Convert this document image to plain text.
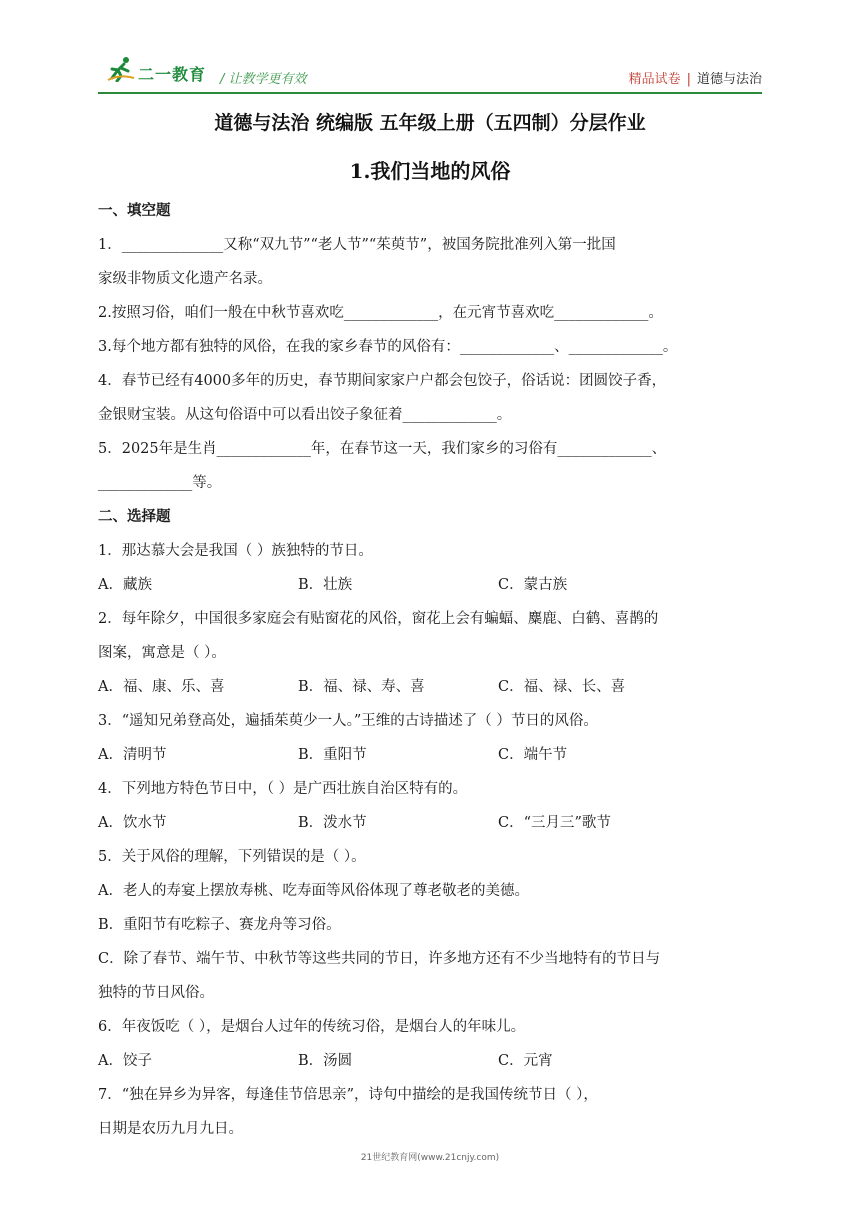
二一教育 / 让教学更有效	精品试卷 | 道德与法治
道德与法治 统编版 五年级上册（五四制）分层作业
1.我们当地的风俗
一、填空题

1．______________又称“双九节”“老人节”“茱萸节”，被国务院批准列入第一批国

家级非物质文化遗产名录。

2.按照习俗，咱们一般在中秋节喜欢吃_____________，在元宵节喜欢吃_____________。

3.每个地方都有独特的风俗，在我的家乡春节的风俗有：_____________、_____________。

4．春节已经有4000多年的历史，春节期间家家户户都会包饺子，俗话说：团圆饺子香，

金银财宝装。从这句俗语中可以看出饺子象征着_____________。

5．2025年是生肖_____________年，在春节这一天，我们家乡的习俗有_____________、

_____________等。

二、选择题

1．那达慕大会是我国（ ）族独特的节日。

A．藏族	B．壮族	C．蒙古族

2．每年除夕，中国很多家庭会有贴窗花的风俗，窗花上会有蝙蝠、麋鹿、白鹤、喜鹊的

图案，寓意是（ ）。

A．福、康、乐、喜	B．福、禄、寿、喜	C．福、禄、长、喜

3．“遥知兄弟登高处，遍插茱萸少一人。”王维的古诗描述了（ ）节日的风俗。

A．清明节	B．重阳节	C．端午节

4．下列地方特色节日中，（ ）是广西壮族自治区特有的。

A．饮水节	B．泼水节	C．“三月三”歌节

5．关于风俗的理解，下列错误的是（ ）。

A．老人的寿宴上摆放寿桃、吃寿面等风俗体现了尊老敬老的美德。

B．重阳节有吃粽子、赛龙舟等习俗。

C．除了春节、端午节、中秋节等这些共同的节日，许多地方还有不少当地特有的节日与

独特的节日风俗。

6．年夜饭吃（ ），是烟台人过年的传统习俗，是烟台人的年味儿。

A．饺子	B．汤圆	C．元宵

7．“独在异乡为异客，每逢佳节倍思亲”，诗句中描绘的是我国传统节日（ ），

日期是农历九月九日。

21世纪教育网(www.21cnjy.com)
